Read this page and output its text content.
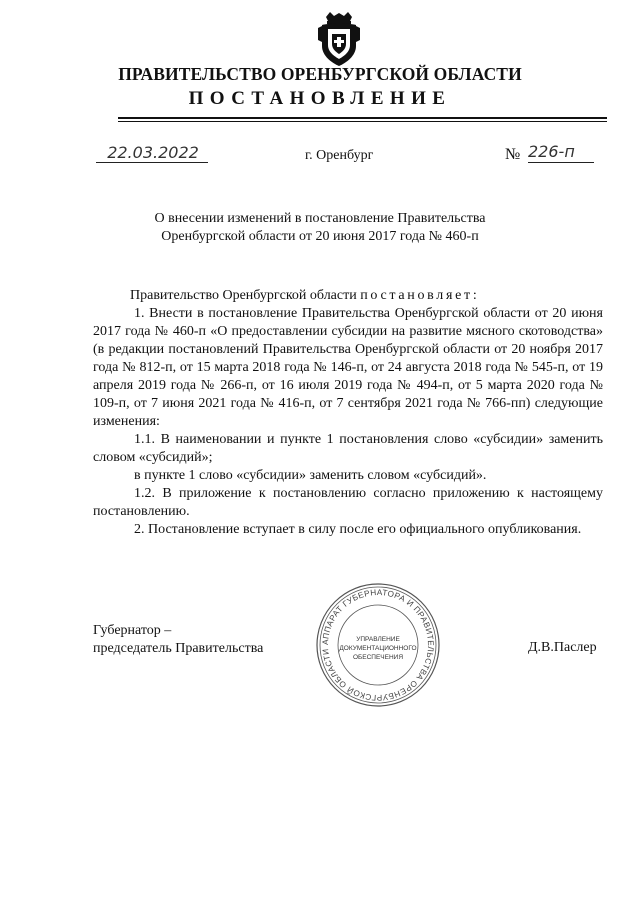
ПРАВИТЕЛЬСТВО ОРЕНБУРГСКОЙ ОБЛАСТИ
ПОСТАНОВЛЕНИЕ
22.03.2022	г. Оренбург	№ 226-п
О внесении изменений в постановление Правительства
Оренбургской области от 20 июня 2017 года № 460-п

Правительство Оренбургской области постановляет:

1. Внести в постановление Правительства Оренбургской области от 20 июня 2017 года № 460-п «О предоставлении субсидии на развитие мясного скотоводства» (в редакции постановлений Правительства Оренбургской области от 20 ноября 2017 года № 812-п, от 15 марта 2018 года № 146-п, от 24 августа 2018 года № 545-п, от 19 апреля 2019 года № 266-п, от 16 июля 2019 года № 494-п, от 5 марта 2020 года № 109-п, от 7 июня 2021 года № 416-п, от 7 сентября 2021 года № 766-пп) следующие изменения:

1.1. В наименовании и пункте 1 постановления слово «субсидии» заменить словом «субсидий»;

в пункте 1 слово «субсидии» заменить словом «субсидий».

1.2. В приложение к постановлению согласно приложению к настоящему постановлению.

2. Постановление вступает в силу после его официального опубликования.

Губернатор –
председатель Правительства	АППАРАТ ГУБЕРНАТОРА И ПРАВИТЕЛЬСТВА ОРЕНБУРГСКОЙ ОБЛАСТИ
УПРАВЛЕНИЕ
ДОКУМЕНТАЦИОННОГО
ОБЕСПЕЧЕНИЯ
Д.В.Паслер
